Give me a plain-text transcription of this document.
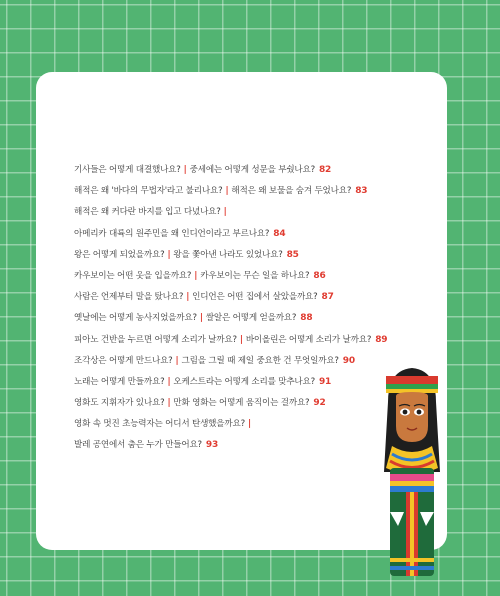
기사들은 어떻게 대결했나요? | 중세에는 어떻게 성문을 부쉈나요? 82
해적은 왜 '바다의 무법자'라고 불리나요? | 해적은 왜 보물을 숨겨 두었나요? 83
해적은 왜 커다란 바지를 입고 다녔나요? |
아메리카 대륙의 원주민을 왜 인디언이라고 부르나요? 84
왕은 어떻게 되었을까요? | 왕을 쫓아낸 나라도 있었나요? 85
카우보이는 어떤 옷을 입을까요? | 카우보이는 무슨 일을 하나요? 86
사람은 언제부터 말을 탔나요? | 인디언은 어떤 집에서 살았을까요? 87
옛날에는 어떻게 농사지었을까요? | 쌀알은 어떻게 얻을까요? 88
피아노 건반을 누르면 어떻게 소리가 날까요? | 바이올린은 어떻게 소리가 날까요? 89
조각상은 어떻게 만드나요? | 그림을 그릴 때 제일 중요한 건 무엇일까요? 90
노래는 어떻게 만들까요? | 오케스트라는 어떻게 소리를 맞추나요? 91
영화도 지휘자가 있나요? | 만화 영화는 어떻게 움직이는 걸까요? 92
영화 속 멋진 초능력자는 어디서 탄생했을까요? |
발레 공연에서 춤은 누가 만들어요? 93
